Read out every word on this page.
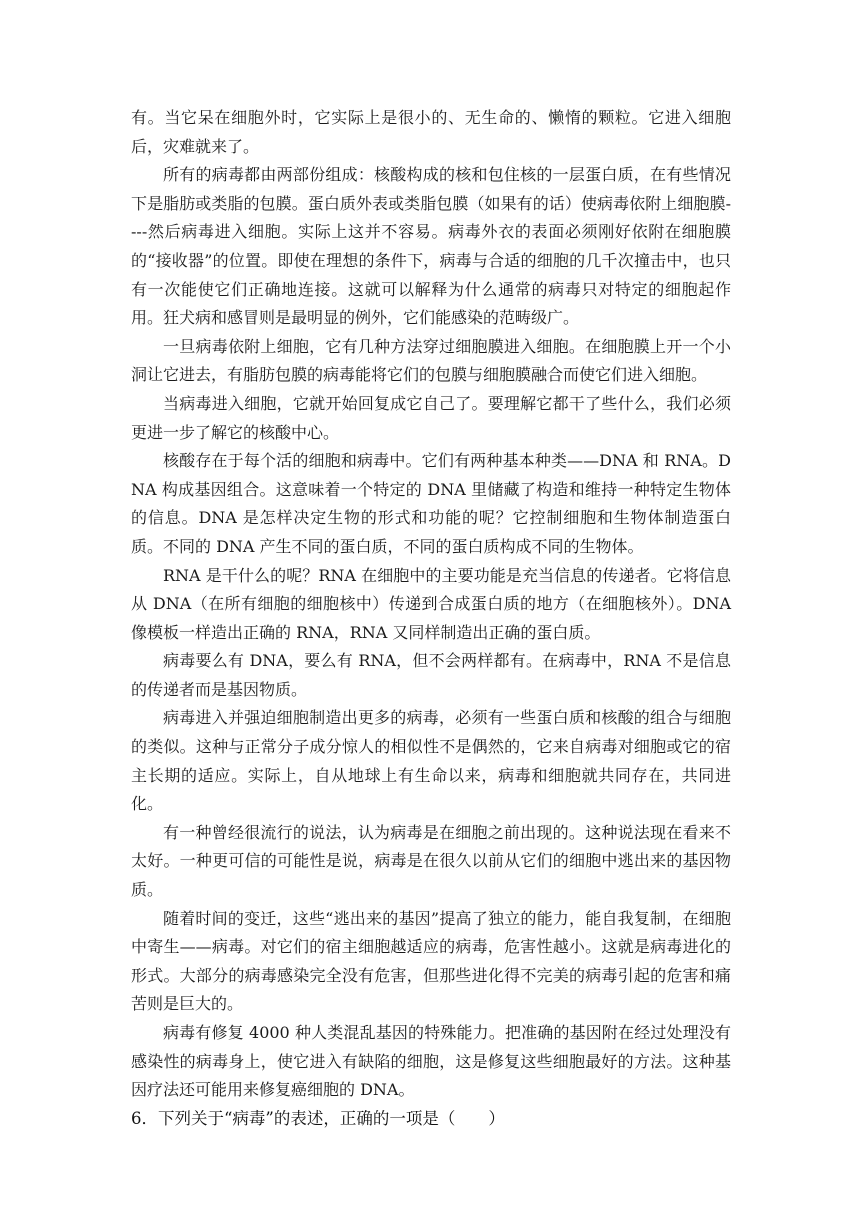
有。当它呆在细胞外时，它实际上是很小的、无生命的、懒惰的颗粒。它进入细胞后，灾难就来了。

所有的病毒都由两部份组成：核酸构成的核和包住核的一层蛋白质，在有些情况下是脂肪或类脂的包膜。蛋白质外表或类脂包膜（如果有的话）使病毒依附上细胞膜----然后病毒进入细胞。实际上这并不容易。病毒外衣的表面必须刚好依附在细胞膜的“接收器”的位置。即使在理想的条件下，病毒与合适的细胞的几千次撞击中，也只有一次能使它们正确地连接。这就可以解释为什么通常的病毒只对特定的细胞起作用。狂犬病和感冒则是最明显的例外，它们能感染的范畴级广。

一旦病毒依附上细胞，它有几种方法穿过细胞膜进入细胞。在细胞膜上开一个小洞让它进去，有脂肪包膜的病毒能将它们的包膜与细胞膜融合而使它们进入细胞。

当病毒进入细胞，它就开始回复成它自己了。要理解它都干了些什么，我们必须更进一步了解它的核酸中心。

核酸存在于每个活的细胞和病毒中。它们有两种基本种类——DNA 和 RNA。DNA 构成基因组合。这意味着一个特定的 DNA 里储藏了构造和维持一种特定生物体的信息。DNA 是怎样决定生物的形式和功能的呢？它控制细胞和生物体制造蛋白质。不同的 DNA 产生不同的蛋白质，不同的蛋白质构成不同的生物体。

RNA 是干什么的呢？RNA 在细胞中的主要功能是充当信息的传递者。它将信息从 DNA（在所有细胞的细胞核中）传递到合成蛋白质的地方（在细胞核外）。DNA 像模板一样造出正确的 RNA，RNA 又同样制造出正确的蛋白质。

病毒要么有 DNA，要么有 RNA，但不会两样都有。在病毒中，RNA 不是信息的传递者而是基因物质。

病毒进入并强迫细胞制造出更多的病毒，必须有一些蛋白质和核酸的组合与细胞的类似。这种与正常分子成分惊人的相似性不是偶然的，它来自病毒对细胞或它的宿主长期的适应。实际上，自从地球上有生命以来，病毒和细胞就共同存在，共同进化。

有一种曾经很流行的说法，认为病毒是在细胞之前出现的。这种说法现在看来不太好。一种更可信的可能性是说，病毒是在很久以前从它们的细胞中逃出来的基因物质。

随着时间的变迁，这些“逃出来的基因”提高了独立的能力，能自我复制，在细胞中寄生——病毒。对它们的宿主细胞越适应的病毒，危害性越小。这就是病毒进化的形式。大部分的病毒感染完全没有危害，但那些进化得不完美的病毒引起的危害和痛苦则是巨大的。

病毒有修复 4000 种人类混乱基因的特殊能力。把准确的基因附在经过处理没有感染性的病毒身上，使它进入有缺陷的细胞，这是修复这些细胞最好的方法。这种基因疗法还可能用来修复癌细胞的 DNA。

6．下列关于“病毒”的表述，正确的一项是（　　）
